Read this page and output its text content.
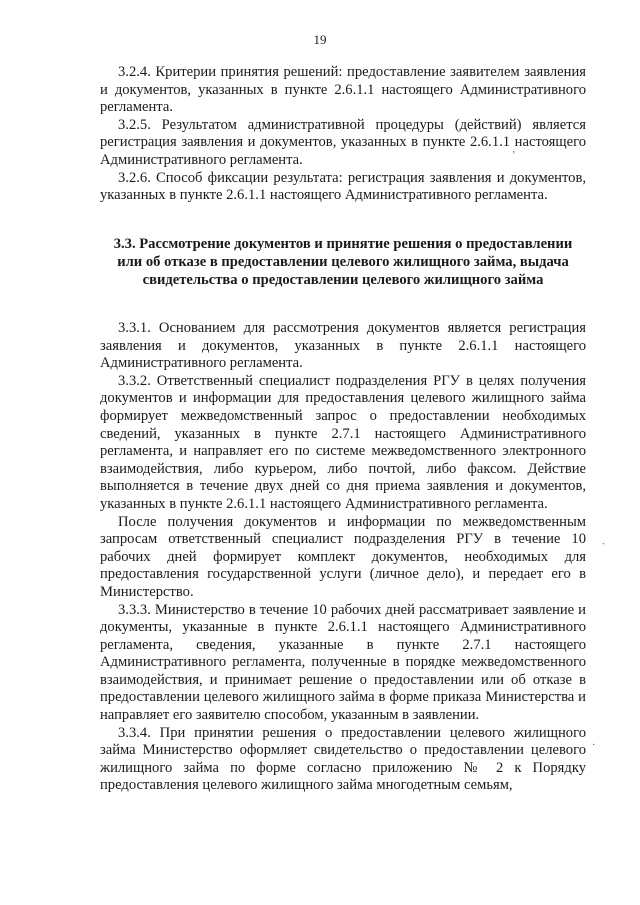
19

3.2.4. Критерии принятия решений: предоставление заявителем заявления и документов, указанных в пункте 2.6.1.1 настоящего Административного регламента.

3.2.5. Результатом административной процедуры (действий) является регистрация заявления и документов, указанных в пункте 2.6.1.1 настоящего Административного регламента.

3.2.6. Способ фиксации результата: регистрация заявления и документов, указанных в пункте 2.6.1.1 настоящего Административного регламента.

3.3. Рассмотрение документов и принятие решения о предоставлении или об отказе в предоставлении целевого жилищного займа, выдача свидетельства о предоставлении целевого жилищного займа

3.3.1. Основанием для рассмотрения документов является регистрация заявления и документов, указанных в пункте 2.6.1.1 настоящего Административного регламента.

3.3.2. Ответственный специалист подразделения РГУ в целях получения документов и информации для предоставления целевого жилищного займа формирует межведомственный запрос о предоставлении необходимых сведений, указанных в пункте 2.7.1 настоящего Административного регламента, и направляет его по системе межведомственного электронного взаимодействия, либо курьером, либо почтой, либо факсом. Действие выполняется в течение двух дней со дня приема заявления и документов, указанных в пункте 2.6.1.1 настоящего Административного регламента.

После получения документов и информации по межведомственным запросам ответственный специалист подразделения РГУ в течение 10 рабочих дней формирует комплект документов, необходимых для предоставления государственной услуги (личное дело), и передает его в Министерство.

3.3.3. Министерство в течение 10 рабочих дней рассматривает заявление и документы, указанные в пункте 2.6.1.1 настоящего Административного регламента, сведения, указанные в пункте 2.7.1 настоящего Административного регламента, полученные в порядке межведомственного взаимодействия, и принимает решение о предоставлении или об отказе в предоставлении целевого жилищного займа в форме приказа Министерства и направляет его заявителю способом, указанным в заявлении.

3.3.4. При принятии решения о предоставлении целевого жилищного займа Министерство оформляет свидетельство о предоставлении целевого жилищного займа по форме согласно приложению № 2 к Порядку предоставления целевого жилищного займа многодетным семьям,

ʼ
ˏ
·
